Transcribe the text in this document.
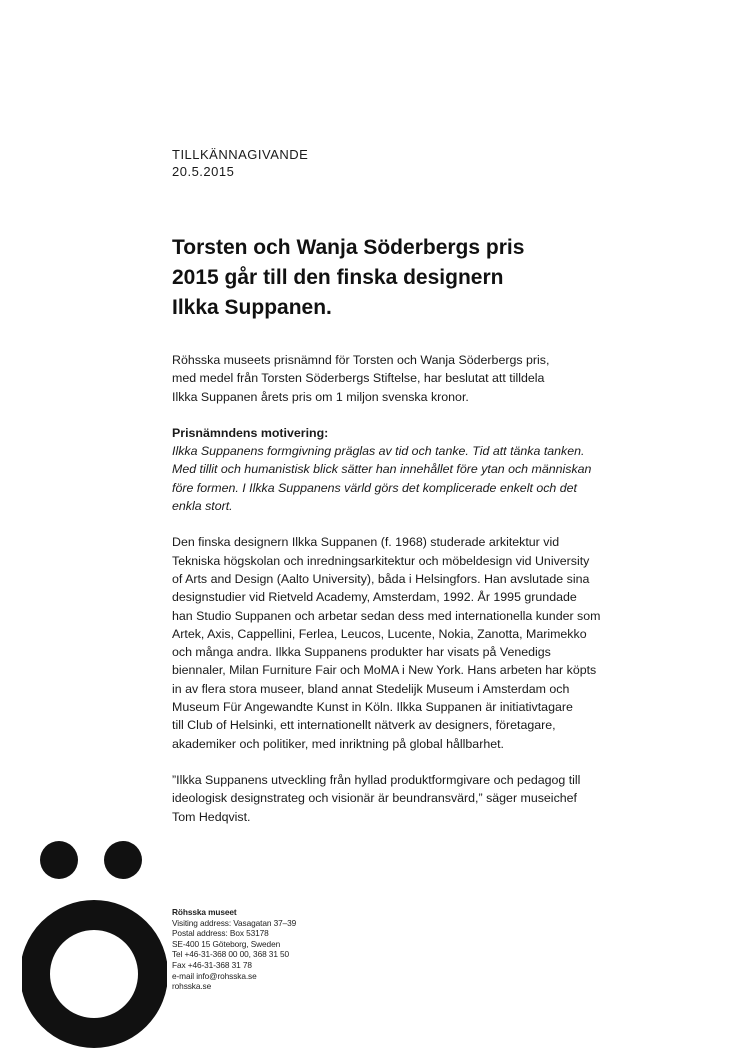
TILLKÄNNAGIVANDE
20.5.2015
Torsten och Wanja Söderbergs pris
2015 går till den finska designern
Ilkka Suppanen.

Röhsska museets prisnämnd för Torsten och Wanja Söderbergs pris,
med medel från Torsten Söderbergs Stiftelse, har beslutat att tilldela
Ilkka Suppanen årets pris om 1 miljon svenska kronor.

Prisnämndens motivering:
Ilkka Suppanens formgivning präglas av tid och tanke. Tid att tänka tanken.
Med tillit och humanistisk blick sätter han innehållet före ytan och människan
före formen. I Ilkka Suppanens värld görs det komplicerade enkelt och det
enkla stort.

Den finska designern Ilkka Suppanen (f. 1968) studerade arkitektur vid
Tekniska högskolan och inredningsarkitektur och möbeldesign vid University
of Arts and Design (Aalto University), båda i Helsingfors. Han avslutade sina
designstudier vid Rietveld Academy, Amsterdam, 1992. År 1995 grundade
han Studio Suppanen och arbetar sedan dess med internationella kunder som
Artek, Axis, Cappellini, Ferlea, Leucos, Lucente, Nokia, Zanotta, Marimekko
och många andra. Ilkka Suppanens produkter har visats på Venedigs
biennaler, Milan Furniture Fair och MoMA i New York. Hans arbeten har köpts
in av flera stora museer, bland annat Stedelijk Museum i Amsterdam och
Museum Für Angewandte Kunst in Köln. Ilkka Suppanen är initiativtagare
till Club of Helsinki, ett internationellt nätverk av designers, företagare,
akademiker och politiker, med inriktning på global hållbarhet.

”Ilkka Suppanens utveckling från hyllad produktformgivare och pedagog till
ideologisk designstrateg och visionär är beundransvärd,” säger museichef
Tom Hedqvist.

Röhsska museet
Visiting address: Vasagatan 37–39
Postal address: Box 53178
SE-400 15 Göteborg, Sweden
Tel +46-31-368 00 00, 368 31 50
Fax +46-31-368 31 78
e-mail info@rohsska.se
rohsska.se
